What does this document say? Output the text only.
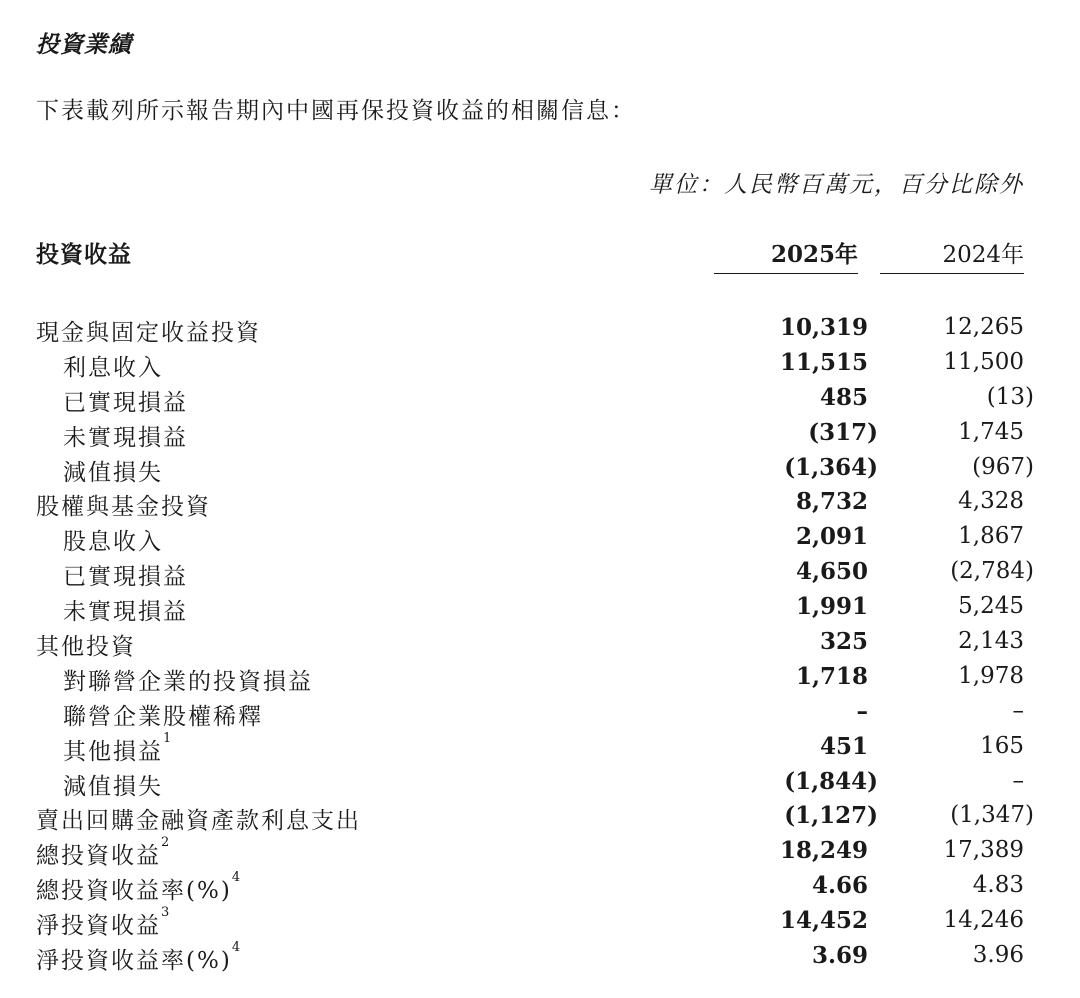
投資業績
下表載列所示報告期內中國再保投資收益的相關信息：
單位：人民幣百萬元，百分比除外
投資收益	2025年	2024年
現金與固定收益投資	10,319	12,265
利息收入	11,515	11,500
已實現損益	485	(13)
未實現損益	(317)	1,745
減值損失	(1,364)	(967)
股權與基金投資	8,732	4,328
股息收入	2,091	1,867
已實現損益	4,650	(2,784)
未實現損益	1,991	5,245
其他投資	325	2,143
對聯營企業的投資損益	1,718	1,978
聯營企業股權稀釋	–	–
其他損益$^1$	451	165
減值損失	(1,844)	–
賣出回購金融資產款利息支出	(1,127)	(1,347)
總投資收益$^2$	18,249	17,389
總投資收益率(%)$^4$	4.66	4.83
淨投資收益$^3$	14,452	14,246
淨投資收益率(%)$^4$	3.69	3.96
